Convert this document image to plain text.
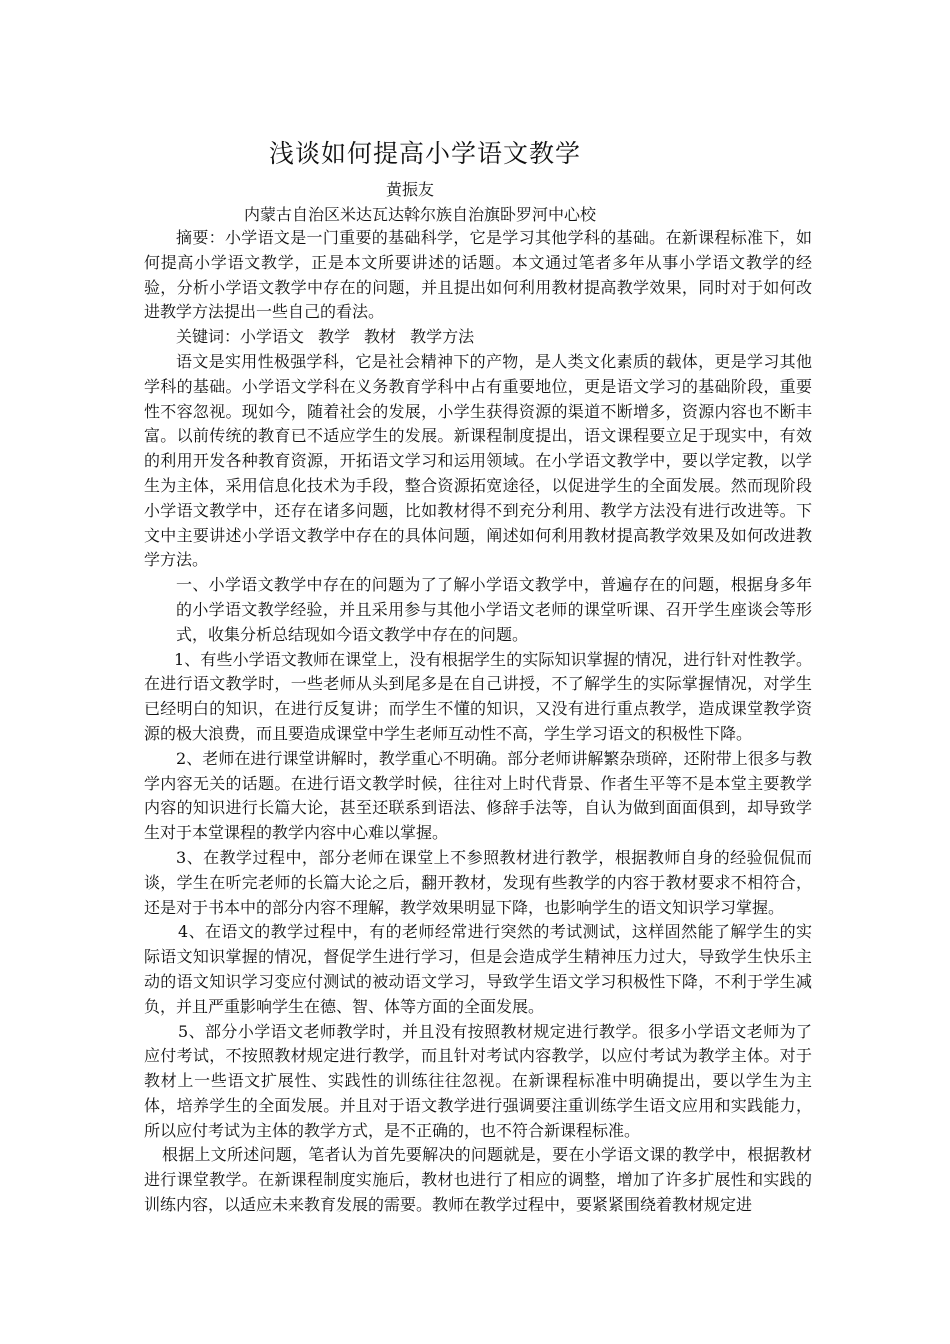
浅谈如何提高小学语文教学
黄振友
内蒙古自治区米达瓦达斡尔族自治旗卧罗河中心校

摘要：小学语文是一门重要的基础科学，它是学习其他学科的基础。在新课程标准下，如何提高小学语文教学，正是本文所要讲述的话题。本文通过笔者多年从事小学语文教学的经验，分析小学语文教学中存在的问题，并且提出如何利用教材提高教学效果，同时对于如何改进教学方法提出一些自己的看法。

关键词：小学语文 教学 教材 教学方法

语文是实用性极强学科，它是社会精神下的产物，是人类文化素质的载体，更是学习其他学科的基础。小学语文学科在义务教育学科中占有重要地位，更是语文学习的基础阶段，重要性不容忽视。现如今，随着社会的发展，小学生获得资源的渠道不断增多，资源内容也不断丰富。以前传统的教育已不适应学生的发展。新课程制度提出，语文课程要立足于现实中，有效的利用开发各种教育资源，开拓语文学习和运用领域。在小学语文教学中，要以学定教，以学生为主体，采用信息化技术为手段，整合资源拓宽途径，以促进学生的全面发展。然而现阶段小学语文教学中，还存在诸多问题，比如教材得不到充分利用、教学方法没有进行改进等。下文中主要讲述小学语文教学中存在的具体问题，阐述如何利用教材提高教学效果及如何改进教学方法。

一、小学语文教学中存在的问题为了了解小学语文教学中，普遍存在的问题，根据身多年的小学语文教学经验，并且采用参与其他小学语文老师的课堂听课、召开学生座谈会等形式，收集分析总结现如今语文教学中存在的问题。

1、有些小学语文教师在课堂上，没有根据学生的实际知识掌握的情况，进行针对性教学。在进行语文教学时，一些老师从头到尾多是在自己讲授，不了解学生的实际掌握情况，对学生已经明白的知识，在进行反复讲；而学生不懂的知识，又没有进行重点教学，造成课堂教学资源的极大浪费，而且要造成课堂中学生老师互动性不高，学生学习语文的积极性下降。

2、老师在进行课堂讲解时，教学重心不明确。部分老师讲解繁杂琐碎，还附带上很多与教学内容无关的话题。在进行语文教学时候，往往对上时代背景、作者生平等不是本堂主要教学内容的知识进行长篇大论，甚至还联系到语法、修辞手法等，自认为做到面面俱到，却导致学生对于本堂课程的教学内容中心难以掌握。

3、在教学过程中，部分老师在课堂上不参照教材进行教学，根据教师自身的经验侃侃而谈，学生在听完老师的长篇大论之后，翻开教材，发现有些教学的内容于教材要求不相符合，还是对于书本中的部分内容不理解，教学效果明显下降，也影响学生的语文知识学习掌握。

4、在语文的教学过程中，有的老师经常进行突然的考试测试，这样固然能了解学生的实际语文知识掌握的情况，督促学生进行学习，但是会造成学生精神压力过大，导致学生快乐主动的语文知识学习变应付测试的被动语文学习，导致学生语文学习积极性下降，不利于学生减负，并且严重影响学生在德、智、体等方面的全面发展。

5、部分小学语文老师教学时，并且没有按照教材规定进行教学。很多小学语文老师为了应付考试，不按照教材规定进行教学，而且针对考试内容教学，以应付考试为教学主体。对于教材上一些语文扩展性、实践性的训练往往忽视。在新课程标准中明确提出，要以学生为主体，培养学生的全面发展。并且对于语文教学进行强调要注重训练学生语文应用和实践能力，所以应付考试为主体的教学方式，是不正确的，也不符合新课程标准。

根据上文所述问题，笔者认为首先要解决的问题就是，要在小学语文课的教学中，根据教材进行课堂教学。在新课程制度实施后，教材也进行了相应的调整，增加了许多扩展性和实践的训练内容，以适应未来教育发展的需要。教师在教学过程中，要紧紧围绕着教材规定进
